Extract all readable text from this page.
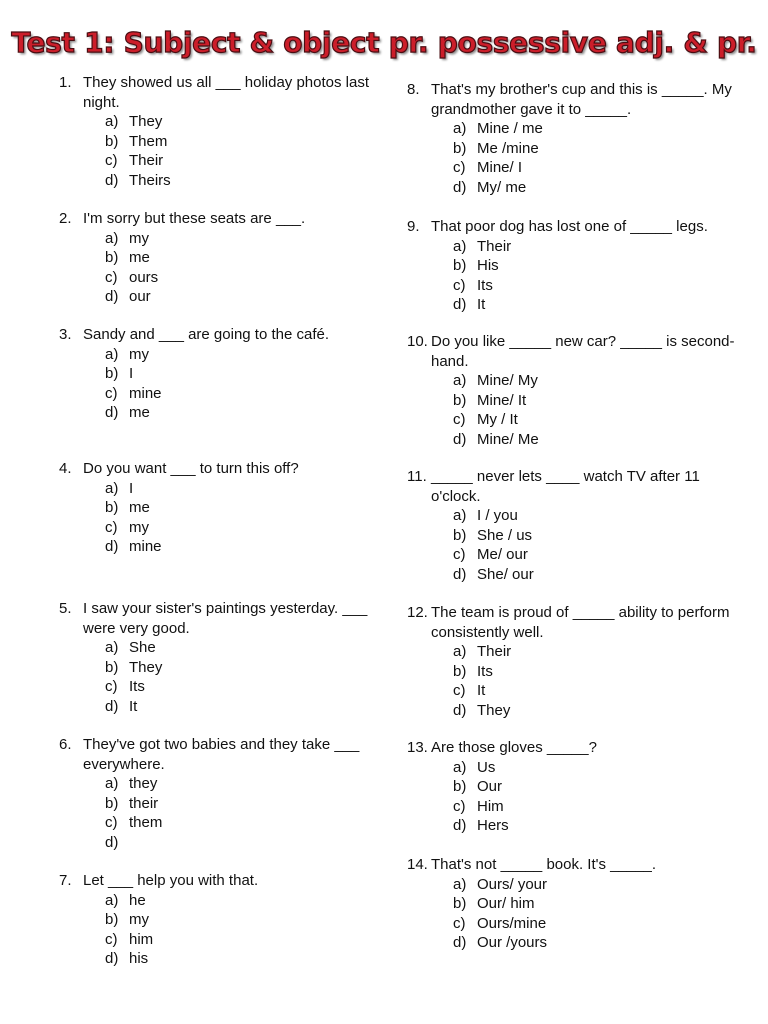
Test 1: Subject & object pr. possessive adj. & pr.
1. They showed us all ___ holiday photos last night.
a) They
b) Them
c) Their
d) Theirs
2. I'm sorry but these seats are ___.
a) my
b) me
c) ours
d) our
3. Sandy and ___ are going to the café.
a) my
b) I
c) mine
d) me
4. Do you want ___ to turn this off?
a) I
b) me
c) my
d) mine
5. I saw your sister's paintings yesterday. ___ were very good.
a) She
b) They
c) Its
d) It
6. They've got two babies and they take ___ everywhere.
a) they
b) their
c) them
d)
7. Let ___ help you with that.
a) he
b) my
c) him
d) his
8. That's my brother's cup and this is _____. My grandmother gave it to _____.
a) Mine / me
b) Me /mine
c) Mine/ I
d) My/ me
9. That poor dog has lost one of _____ legs.
a) Their
b) His
c) Its
d) It
10. Do you like _____ new car? _____ is second-hand.
a) Mine/ My
b) Mine/ It
c) My / It
d) Mine/ Me
11. _____ never lets ____ watch TV after 11 o'clock.
a) I / you
b) She / us
c) Me/ our
d) She/ our
12. The team is proud of _____ ability to perform consistently well.
a) Their
b) Its
c) It
d) They
13. Are those gloves _____?
a) Us
b) Our
c) Him
d) Hers
14. That's not _____ book. It's _____.
a) Ours/ your
b) Our/ him
c) Ours/mine
d) Our /yours
